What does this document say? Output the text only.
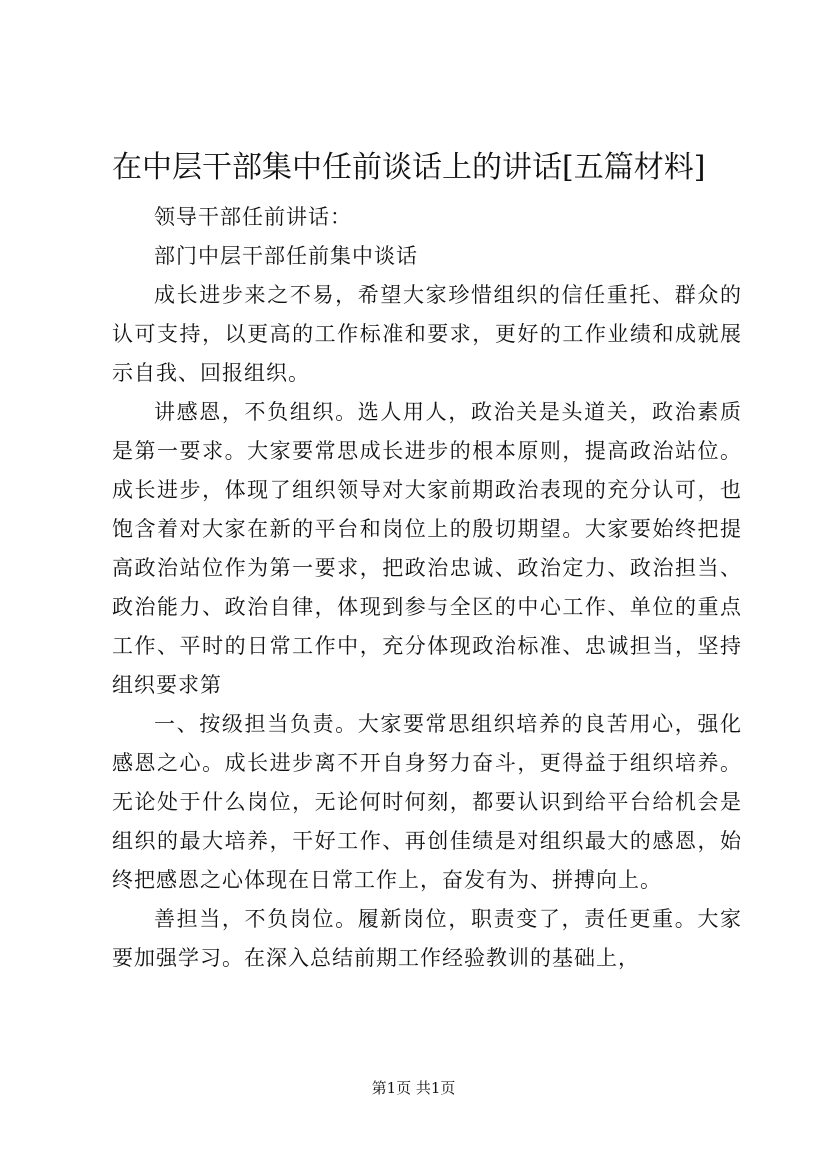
在中层干部集中任前谈话上的讲话[五篇材料]

领导干部任前讲话：

部门中层干部任前集中谈话

成长进步来之不易，希望大家珍惜组织的信任重托、群众的认可支持，以更高的工作标准和要求，更好的工作业绩和成就展示自我、回报组织。

讲感恩，不负组织。选人用人，政治关是头道关，政治素质是第一要求。大家要常思成长进步的根本原则，提高政治站位。成长进步，体现了组织领导对大家前期政治表现的充分认可，也饱含着对大家在新的平台和岗位上的殷切期望。大家要始终把提高政治站位作为第一要求，把政治忠诚、政治定力、政治担当、政治能力、政治自律，体现到参与全区的中心工作、单位的重点工作、平时的日常工作中，充分体现政治标准、忠诚担当，坚持组织要求第

一、按级担当负责。大家要常思组织培养的良苦用心，强化感恩之心。成长进步离不开自身努力奋斗，更得益于组织培养。无论处于什么岗位，无论何时何刻，都要认识到给平台给机会是组织的最大培养，干好工作、再创佳绩是对组织最大的感恩，始终把感恩之心体现在日常工作上，奋发有为、拼搏向上。

善担当，不负岗位。履新岗位，职责变了，责任更重。大家要加强学习。在深入总结前期工作经验教训的基础上，

第1页 共1页
